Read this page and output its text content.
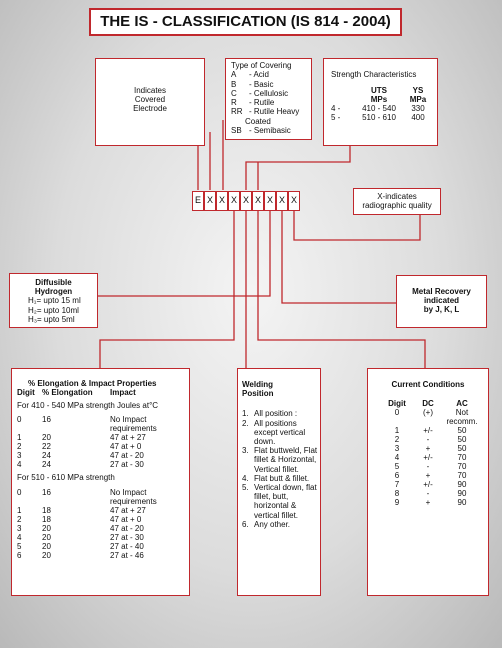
THE IS - CLASSIFICATION (IS 814 - 2004)
Indicates
Covered
Electrode
Type of Covering
A	- Acid
B	- Basic
C	- Cellulosic
R	- Rutile
RR - Rutile Heavy
Coated
SB - Semibasic
Strength Characteristics
	UTS	YS
	MPs	MPa
4 -	410 - 540	330
5 -	510 - 610	400
E X X X X X X X X	X-indicates
radiographic quality
Diffusible
Hydrogen
H₁= upto 15 ml
H₂= upto 10ml
H₃= upto 5ml
Metal Recovery
indicated
by J, K, L
% Elongation & Impact Properties
Digit	% Elongation	Impact
For 410 - 540 MPa strength Joules at°C
0	16	No Impact requirements
1	20	47 at + 27
2	22	47 at + 0
3	24	47 at - 20
4	24	27 at - 30
For 510 - 610 MPa strength
0	16	No Impact requirements
1	18	47 at + 27
2	18	47 at + 0
3	20	47 at - 20
4	20	27 at - 30
5	20	27 at - 40
6	20	27 at - 46
Welding
Position
1. All position :
2. All positions except vertical down.
3. Flat buttweld, Flat fillet & Horizontal, Vertical fillet.
4. Flat butt & fillet.
5. Vertical down, flat fillet, butt, horizontal & vertical fillet.
6. Any other.
Current Conditions
Digit	DC	AC
0	(+)	Not recomm.
1	+/-	50
2	-	50
3	+	50
4	+/-	70
5	-	70
6	+	70
7	+/-	90
8	-	90
9	+	90
